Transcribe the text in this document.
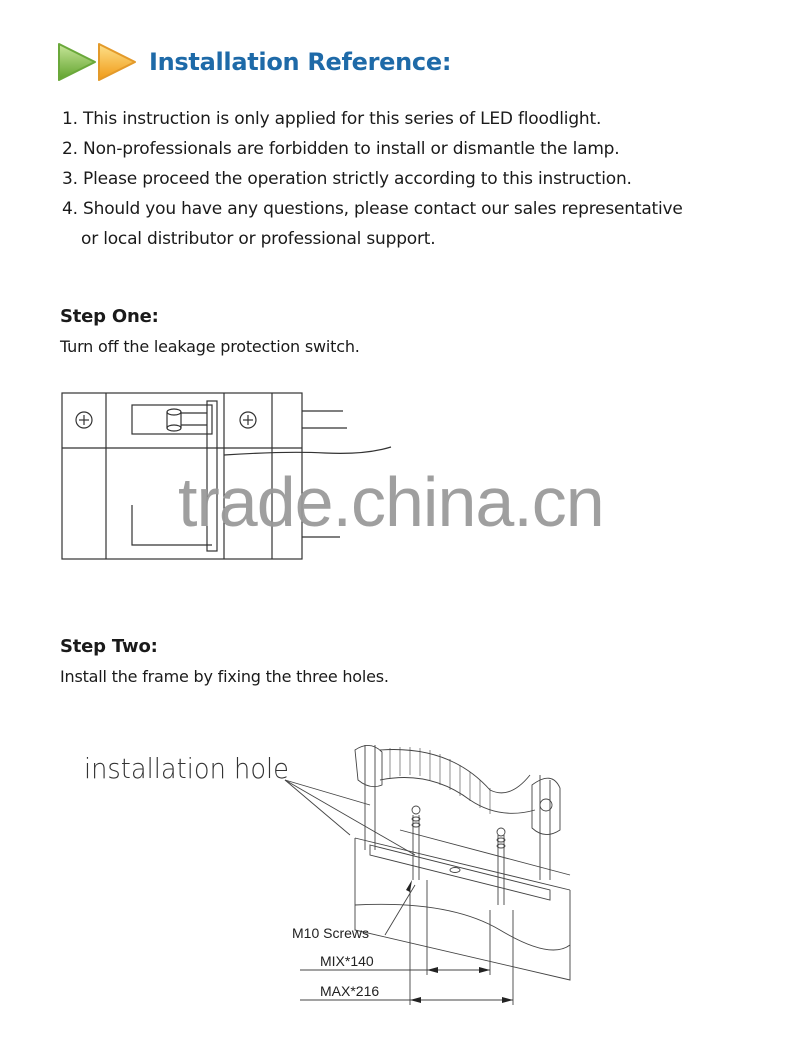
Installation Reference:
1. This instruction is only applied for this series of LED floodlight.
2. Non-professionals are forbidden to install or dismantle the lamp.
3. Please proceed the operation strictly according to this instruction.
4. Should you have any questions, please contact our sales representative
or local distributor or professional support.
Step One:
Turn off the leakage protection switch.
trade.china.cn
Step Two:
Install the frame by fixing the three holes.
installation hole
M10 Screws
MIX*140
MAX*216
